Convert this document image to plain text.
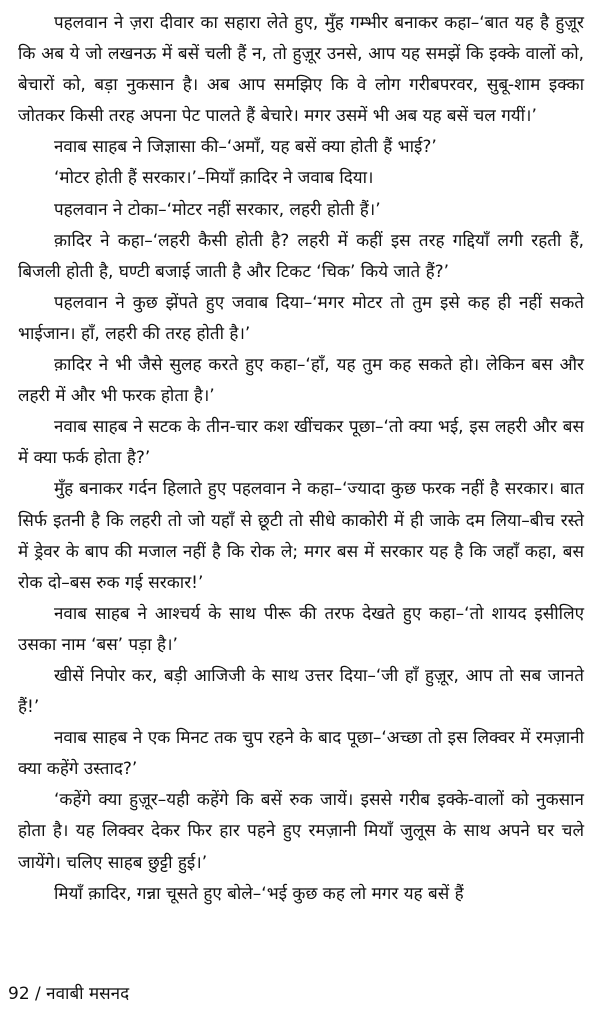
पहलवान ने ज़रा दीवार का सहारा लेते हुए, मुँह गम्भीर बनाकर कहा–‘बात यह है हुज़ूर कि अब ये जो लखनऊ में बसें चली हैं न, तो हुज़ूर उनसे, आप यह समझें कि इक्के वालों को, बेचारों को, बड़ा नुकसान है। अब आप समझिए कि वे लोग गरीबपरवर, सुबू-शाम इक्का जोतकर किसी तरह अपना पेट पालते हैं बेचारे। मगर उसमें भी अब यह बसें चल गयीं।’

नवाब साहब ने जिज्ञासा की–‘अमाँ, यह बसें क्या होती हैं भाई?’

‘मोटर होती हैं सरकार।’–मियाँ क़ादिर ने जवाब दिया।

पहलवान ने टोका–‘मोटर नहीं सरकार, लहरी होती हैं।’

क़ादिर ने कहा–‘लहरी कैसी होती है? लहरी में कहीं इस तरह गद्दियाँ लगी रहती हैं, बिजली होती है, घण्टी बजाई जाती है और टिकट ‘चिक’ किये जाते हैं?’

पहलवान ने कुछ झेंपते हुए जवाब दिया–‘मगर मोटर तो तुम इसे कह ही नहीं सकते भाईजान। हाँ, लहरी की तरह होती है।’

क़ादिर ने भी जैसे सुलह करते हुए कहा–‘हाँ, यह तुम कह सकते हो। लेकिन बस और लहरी में और भी फरक होता है।’

नवाब साहब ने सटक के तीन-चार कश खींचकर पूछा–‘तो क्या भई, इस लहरी और बस में क्या फर्क होता है?’

मुँह बनाकर गर्दन हिलाते हुए पहलवान ने कहा–‘ज्यादा कुछ फरक नहीं है सरकार। बात सिर्फ इतनी है कि लहरी तो जो यहाँ से छूटी तो सीधे काकोरी में ही जाके दम लिया–बीच रस्ते में ड्रेवर के बाप की मजाल नहीं है कि रोक ले; मगर बस में सरकार यह है कि जहाँ कहा, बस रोक दो–बस रुक गई सरकार!’

नवाब साहब ने आश्चर्य के साथ पीरू की तरफ देखते हुए कहा–‘तो शायद इसीलिए उसका नाम ‘बस’ पड़ा है।’

खीसें निपोर कर, बड़ी आजिजी के साथ उत्तर दिया–‘जी हाँ हुज़ूर, आप तो सब जानते हैं!’

नवाब साहब ने एक मिनट तक चुप रहने के बाद पूछा–‘अच्छा तो इस लिक्वर में रमज़ानी क्या कहेंगे उस्ताद?’

‘कहेंगे क्या हुज़ूर–यही कहेंगे कि बसें रुक जायें। इससे गरीब इक्के-वालों को नुकसान होता है। यह लिक्वर देकर फिर हार पहने हुए रमज़ानी मियाँ जुलूस के साथ अपने घर चले जायेंगे। चलिए साहब छुट्टी हुई।’

मियाँ क़ादिर, गन्ना चूसते हुए बोले–‘भई कुछ कह लो मगर यह बसें हैं

92 / नवाबी मसनद
